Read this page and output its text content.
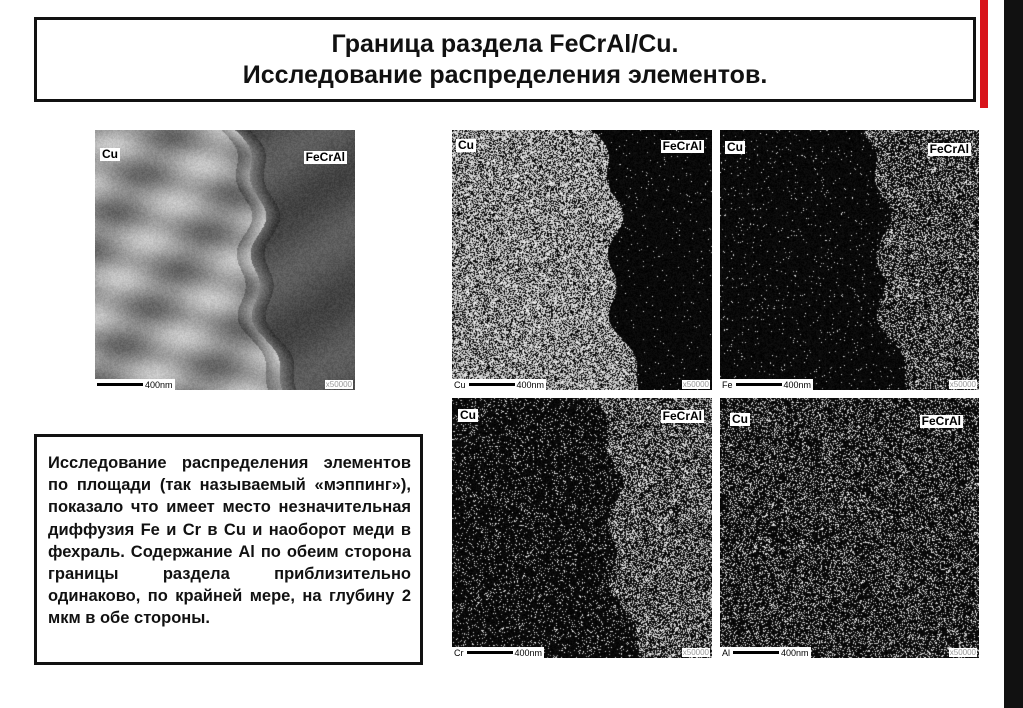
Граница раздела FeCrAl/Cu.
Исследование распределения элементов.
Cu	FeCrAl
400nm	x50000
Cu	FeCrAl
Cu	400nm	x50000
Cu	FeCrAl
Fe	400nm	x50000
Cu	FeCrAl
Cr	400nm	x50000
Cu	FeCrAl
Al	400nm	x50000

Исследование распределения элементов по площади (так называемый «мэппинг»), показало что имеет место незначительная диффузия Fe и Cr в Cu и наоборот меди в фехраль. Содержание Al по обеим сторона границы раздела приблизительно одинаково, по крайней мере, на глубину 2 мкм в обе стороны.
